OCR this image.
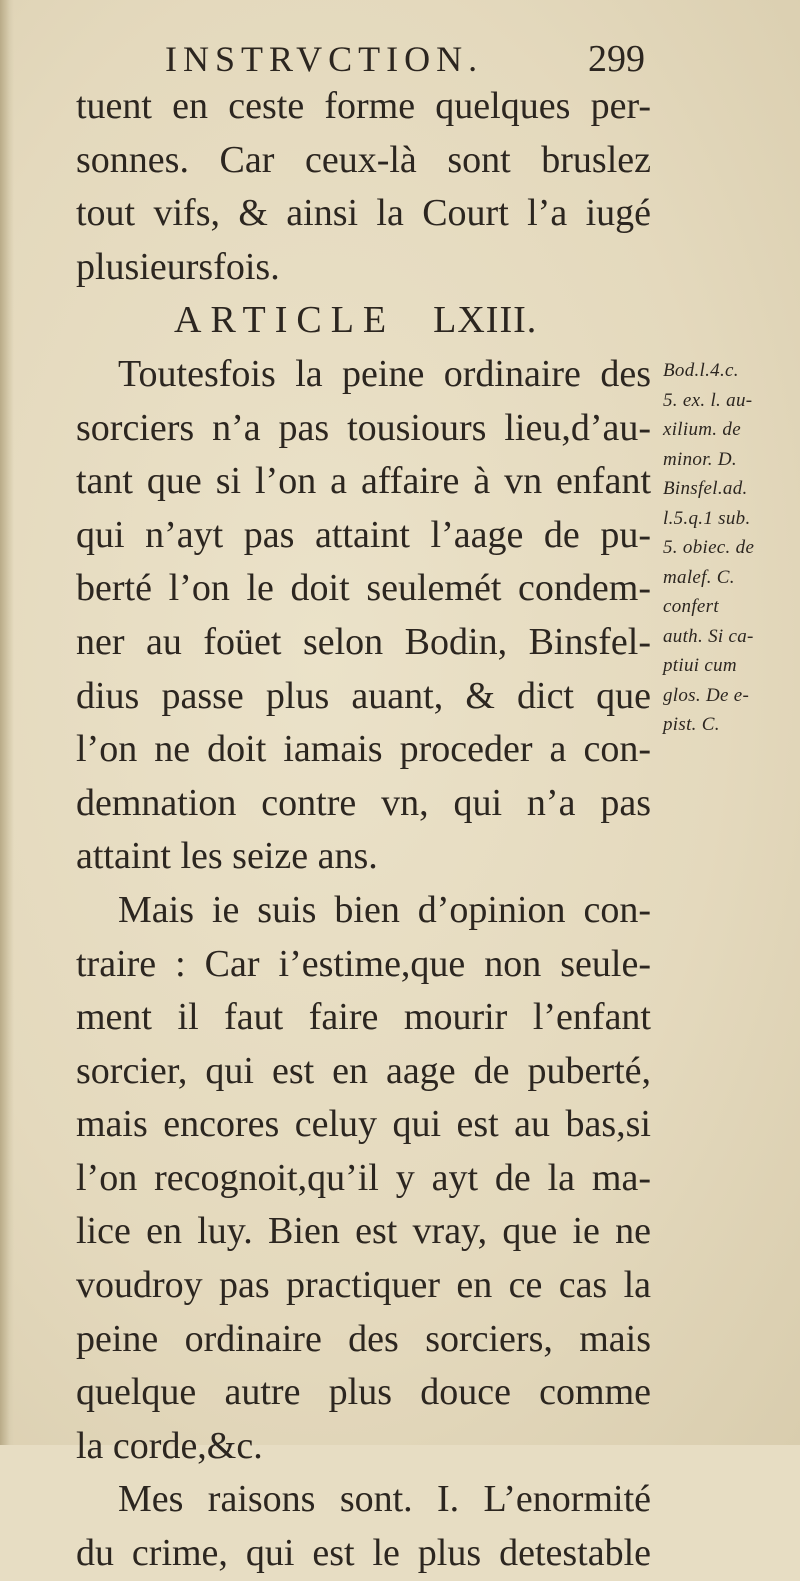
INSTRVCTION.	299
tuent en ceste forme quelques per-
sonnes. Car ceux-là sont bruslez
tout vifs, & ainsi la Court l’a iugé
plusieursfois.
ARTICLE LXIII.
Toutesfois la peine ordinaire des
sorciers n’a pas tousiours lieu,d’au-
tant que si l’on a affaire à vn enfant
qui n’ayt pas attaint l’aage de pu-
berté l’on le doit seulemét condem-
ner au foüet selon Bodin, Binsfel-
dius passe plus auant, & dict que
l’on ne doit iamais proceder a con-
demnation contre vn, qui n’a pas
attaint les seize ans.
Mais ie suis bien d’opinion con-
traire : Car i’estime,que non seule-
ment il faut faire mourir l’enfant
sorcier, qui est en aage de puberté,
mais encores celuy qui est au bas,si
l’on recognoit,qu’il y ayt de la ma-
lice en luy. Bien est vray, que ie ne
voudroy pas practiquer en ce cas la
peine ordinaire des sorciers, mais
quelque autre plus douce comme
la corde,&c.
Mes raisons sont. I. L’enormité
du crime, qui est le plus detestable
Bod.l.4.c.
5. ex. l. au-
xilium. de
minor. D.
Binsfel.ad.
l.5.q.1 sub.
5. obiec. de
malef. C.
confert
auth. Si ca-
ptiui cum
glos. De e-
pist. C.
